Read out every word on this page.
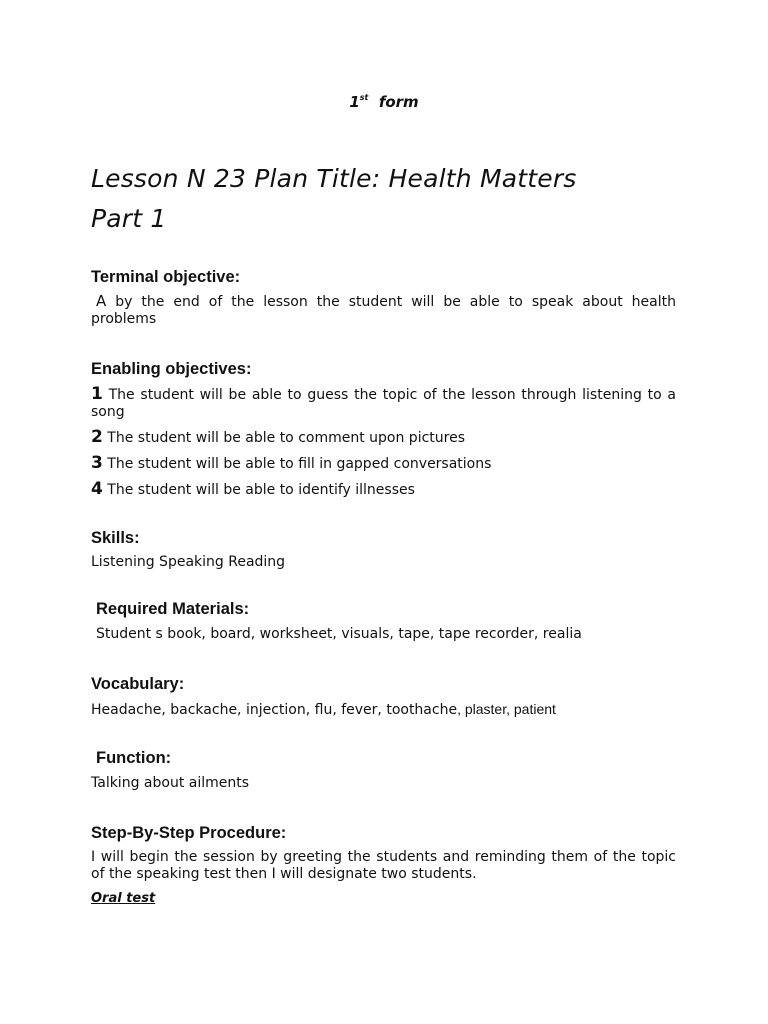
1st form
Lesson N 23 Plan Title: Health Matters
Part 1
Terminal objective:
A by the end of the lesson the student will be able to speak about health problems
Enabling objectives:
1 The student will be able to guess the topic of the lesson through listening to a song
2 The student will be able to comment upon pictures
3 The student will be able to fill in gapped conversations
4 The student will be able to identify illnesses
Skills:
Listening Speaking Reading
Required Materials:
Student s book, board, worksheet, visuals, tape, tape recorder, realia
Vocabulary:
Headache, backache, injection, flu, fever, toothache, plaster, patient
Function:
Talking about ailments
Step-By-Step Procedure:
I will begin the session by greeting the students and reminding them of the topic of the speaking test then I will designate two students.
Oral test
